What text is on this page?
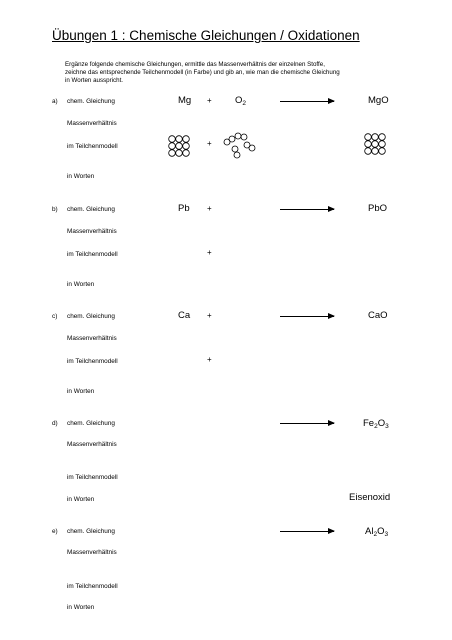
Übungen 1 : Chemische Gleichungen / Oxidationen
Ergänze folgende chemische Gleichungen, ermittle das Massenverhältnis der einzelnen Stoffe,
zeichne das entsprechende Teilchenmodell (in Farbe) und gib an, wie man die chemische Gleichung
in Worten ausspricht.
a) chem. Gleichung	$Mg + O_2$	MgO
Massenverhältnis
im Teilchenmodell	+
in Worten
b) chem. Gleichung	Pb +	PbO
Massenverhältnis
im Teilchenmodell	+
in Worten
c) chem. Gleichung	Ca +	CaO
Massenverhältnis
im Teilchenmodell	+
in Worten
d) chem. Gleichung	$Fe_2O_3$
Massenverhältnis
im Teilchenmodell
in Worten	Eisenoxid
e) chem. Gleichung	$Al_2O_3$
Massenverhältnis
im Teilchenmodell
in Worten
